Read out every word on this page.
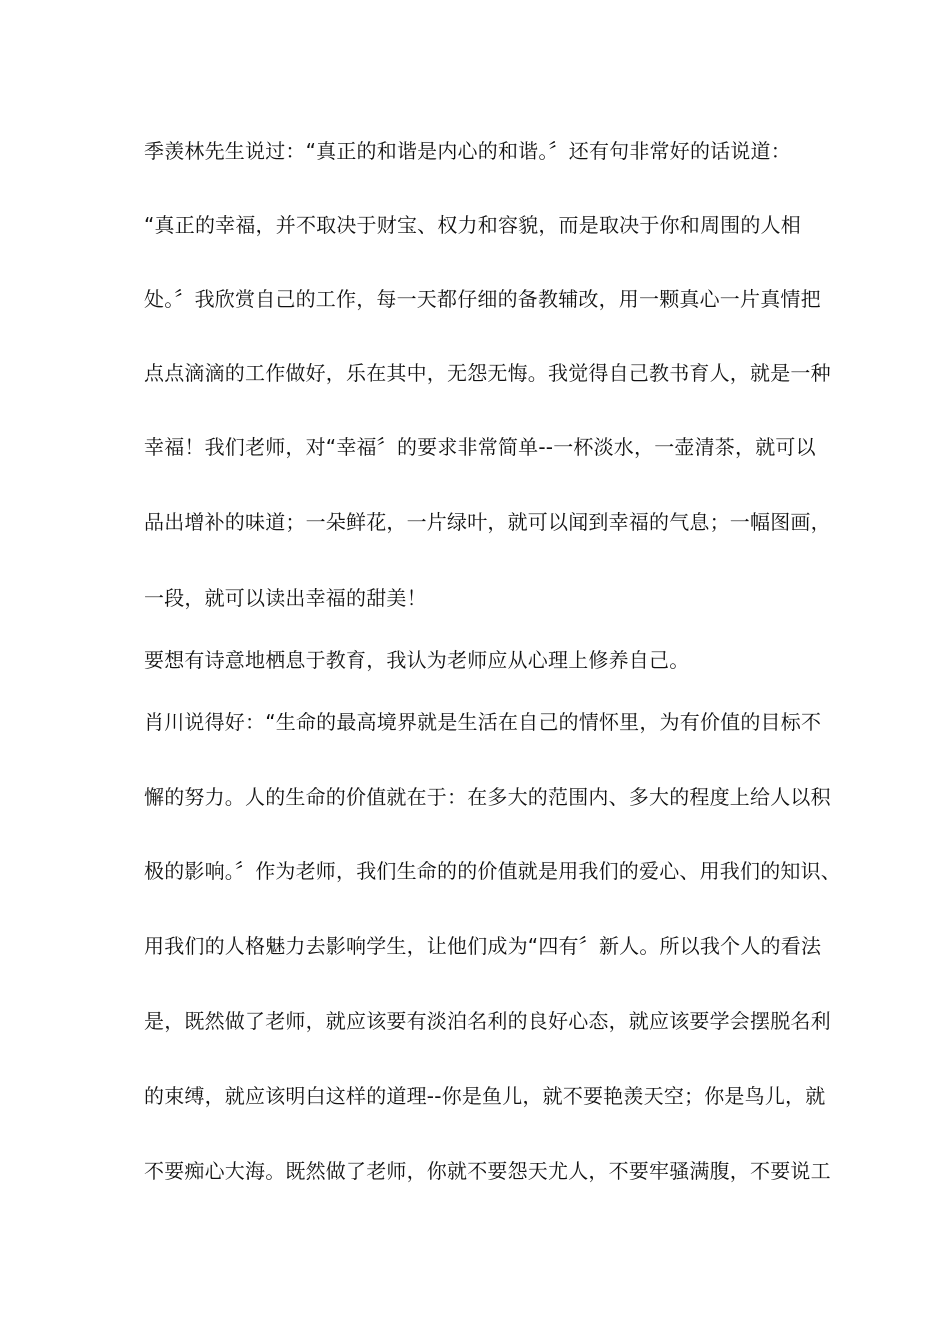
季羡林先生说过：“真正的和谐是内心的和谐。〞还有句非常好的话说道：
“真正的幸福，并不取决于财宝、权力和容貌，而是取决于你和周围的人相
处。〞我欣赏自己的工作，每一天都仔细的备教辅改，用一颗真心一片真情把
点点滴滴的工作做好，乐在其中，无怨无悔。我觉得自己教书育人，就是一种
幸福！我们老师，对“幸福〞的要求非常简单--一杯淡水，一壶清茶，就可以
品出增补的味道；一朵鲜花，一片绿叶，就可以闻到幸福的气息；一幅图画，
一段，就可以读出幸福的甜美！
要想有诗意地栖息于教育，我认为老师应从心理上修养自己。
肖川说得好：“生命的最高境界就是生活在自己的情怀里，为有价值的目标不
懈的努力。人的生命的价值就在于：在多大的范围内、多大的程度上给人以积
极的影响。〞作为老师，我们生命的的价值就是用我们的爱心、用我们的知识、
用我们的人格魅力去影响学生，让他们成为“四有〞新人。所以我个人的看法
是，既然做了老师，就应该要有淡泊名利的良好心态，就应该要学会摆脱名利
的束缚，就应该明白这样的道理--你是鱼儿，就不要艳羡天空；你是鸟儿，就
不要痴心大海。既然做了老师，你就不要怨天尤人，不要牢骚满腹，不要说工
